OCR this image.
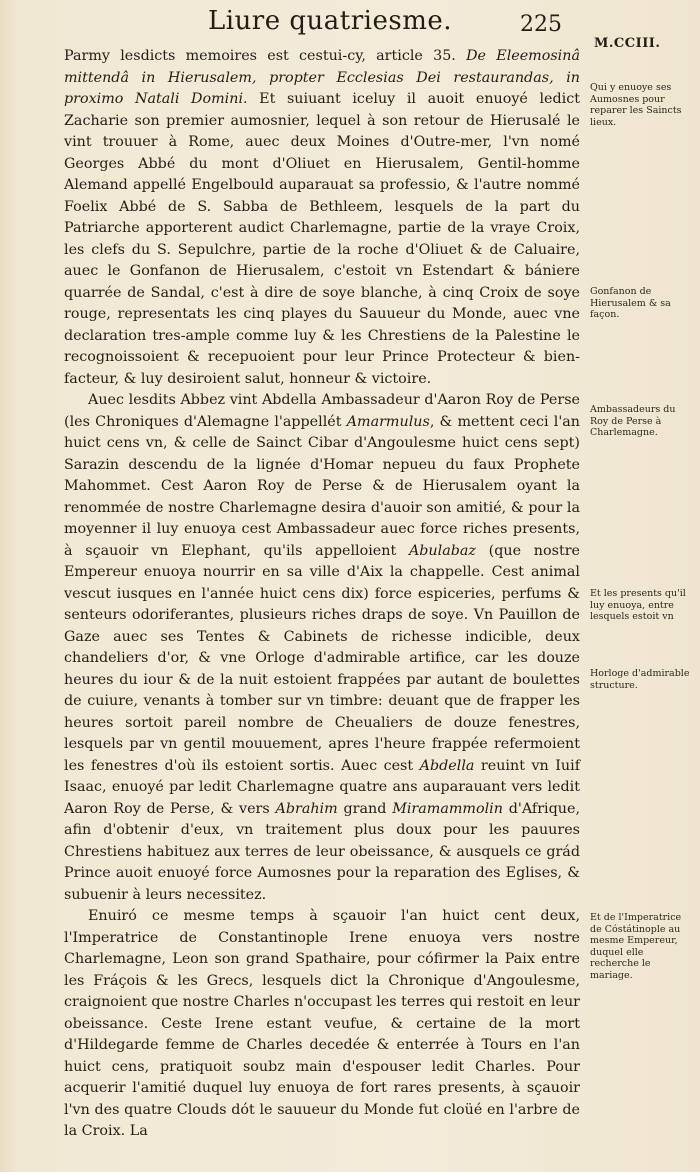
Liure quatriesme.	225
M.CCIII.

Parmy lesdicts memoires est cestui-cy, article 35. De Eleemosinâ mittendâ in Hierusalem, propter Ecclesias Dei restaurandas, in proximo Natali Domini. Et suiuant iceluy il auoit enuoyé ledict Zacharie son premier aumosnier, lequel à son retour de Hierusalé le vint trouuer à Rome, auec deux Moines d'Outre-mer, l'vn nomé Georges Abbé du mont d'Oliuet en Hierusalem, Gentil-homme Alemand appellé Engelbould auparauat sa professio, & l'autre nommé Foelix Abbé de S. Sabba de Bethleem, lesquels de la part du Patriarche apporterent audict Charlemagne, partie de la vraye Croix, les clefs du S. Sepulchre, partie de la roche d'Oliuet & de Caluaire, auec le Gonfanon de Hierusalem, c'estoit vn Estendart & bániere quarrée de Sandal, c'est à dire de soye blanche, à cinq Croix de soye rouge, representats les cinq playes du Sauueur du Monde, auec vne declaration tres-ample comme luy & les Chrestiens de la Palestine le recognoissoient & recepuoient pour leur Prince Protecteur & bien-facteur, & luy desiroient salut, honneur & victoire.

Auec lesdits Abbez vint Abdella Ambassadeur d'Aaron Roy de Perse (les Chroniques d'Alemagne l'appellét Amarmulus, & mettent ceci l'an huict cens vn, & celle de Sainct Cibar d'Angoulesme huict cens sept) Sarazin descendu de la lignée d'Homar nepueu du faux Prophete Mahommet. Cest Aaron Roy de Perse & de Hierusalem oyant la renommée de nostre Charlemagne desira d'auoir son amitié, & pour la moyenner il luy enuoya cest Ambassadeur auec force riches presents, à sçauoir vn Elephant, qu'ils appelloient Abulabaz (que nostre Empereur enuoya nourrir en sa ville d'Aix la chappelle. Cest animal vescut iusques en l'année huict cens dix) force espiceries, perfums & senteurs odoriferantes, plusieurs riches draps de soye. Vn Pauillon de Gaze auec ses Tentes & Cabinets de richesse indicible, deux chandeliers d'or, & vne Orloge d'admirable artifice, car les douze heures du iour & de la nuit estoient frappées par autant de boulettes de cuiure, venants à tomber sur vn timbre: deuant que de frapper les heures sortoit pareil nombre de Cheualiers de douze fenestres, lesquels par vn gentil mouuement, apres l'heure frappée refermoient les fenestres d'où ils estoient sortis. Auec cest Abdella reuint vn Iuif Isaac, enuoyé par ledit Charlemagne quatre ans auparauant vers ledit Aaron Roy de Perse, & vers Abrahim grand Miramammolin d'Afrique, afin d'obtenir d'eux, vn traitement plus doux pour les pauures Chrestiens habituez aux terres de leur obeissance, & ausquels ce grád Prince auoit enuoyé force Aumosnes pour la reparation des Eglises, & subuenir à leurs necessitez.

Enuiró ce mesme temps à sçauoir l'an huict cent deux, l'Imperatrice de Constantinople Irene enuoya vers nostre Charlemagne, Leon son grand Spathaire, pour cófirmer la Paix entre les Fráçois & les Grecs, lesquels dict la Chronique d'Angoulesme, craignoient que nostre Charles n'occupast les terres qui restoit en leur obeissance. Ceste Irene estant veufue, & certaine de la mort d'Hildegarde femme de Charles decedée & enterrée à Tours en l'an huict cens, pratiquoit soubz main d'espouser ledit Charles. Pour acquerir l'amitié duquel luy enuoya de fort rares presents, à sçauoir l'vn des quatre Clouds dót le sauueur du Monde fut cloüé en l'arbre de la Croix. La

Qui y enuoye ses Aumosnes pour reparer les Saincts lieux.
Gonfanon de Hierusalem & sa façon.
Ambassadeurs du Roy de Perse à Charlemagne.
Et les presents qu'il luy enuoya, entre lesquels estoit vn
Horloge d'admirable structure.
Et de l'Imperatrice de Cóstátinople au mesme Empereur, duquel elle recherche le mariage.
